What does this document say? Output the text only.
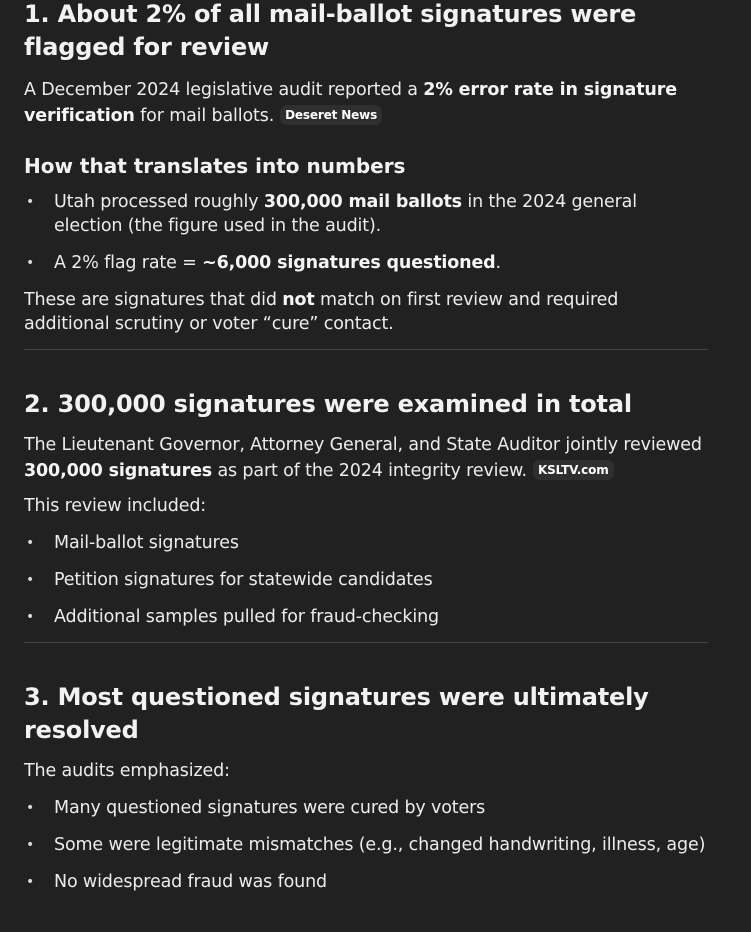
1. About 2% of all mail-ballot signatures were flagged for review

A December 2024 legislative audit reported a 2% error rate in signature verification for mail ballots. Deseret News

How that translates into numbers
• Utah processed roughly 300,000 mail ballots in the 2024 general election (the figure used in the audit).
• A 2% flag rate = ~6,000 signatures questioned.

These are signatures that did not match on first review and required additional scrutiny or voter “cure” contact.

2. 300,000 signatures were examined in total

The Lieutenant Governor, Attorney General, and State Auditor jointly reviewed 300,000 signatures as part of the 2024 integrity review. KSLTV.com

This review included:

• Mail-ballot signatures
• Petition signatures for statewide candidates
• Additional samples pulled for fraud-checking
3. Most questioned signatures were ultimately resolved

The audits emphasized:

• Many questioned signatures were cured by voters
• Some were legitimate mismatches (e.g., changed handwriting, illness, age)
• No widespread fraud was found
